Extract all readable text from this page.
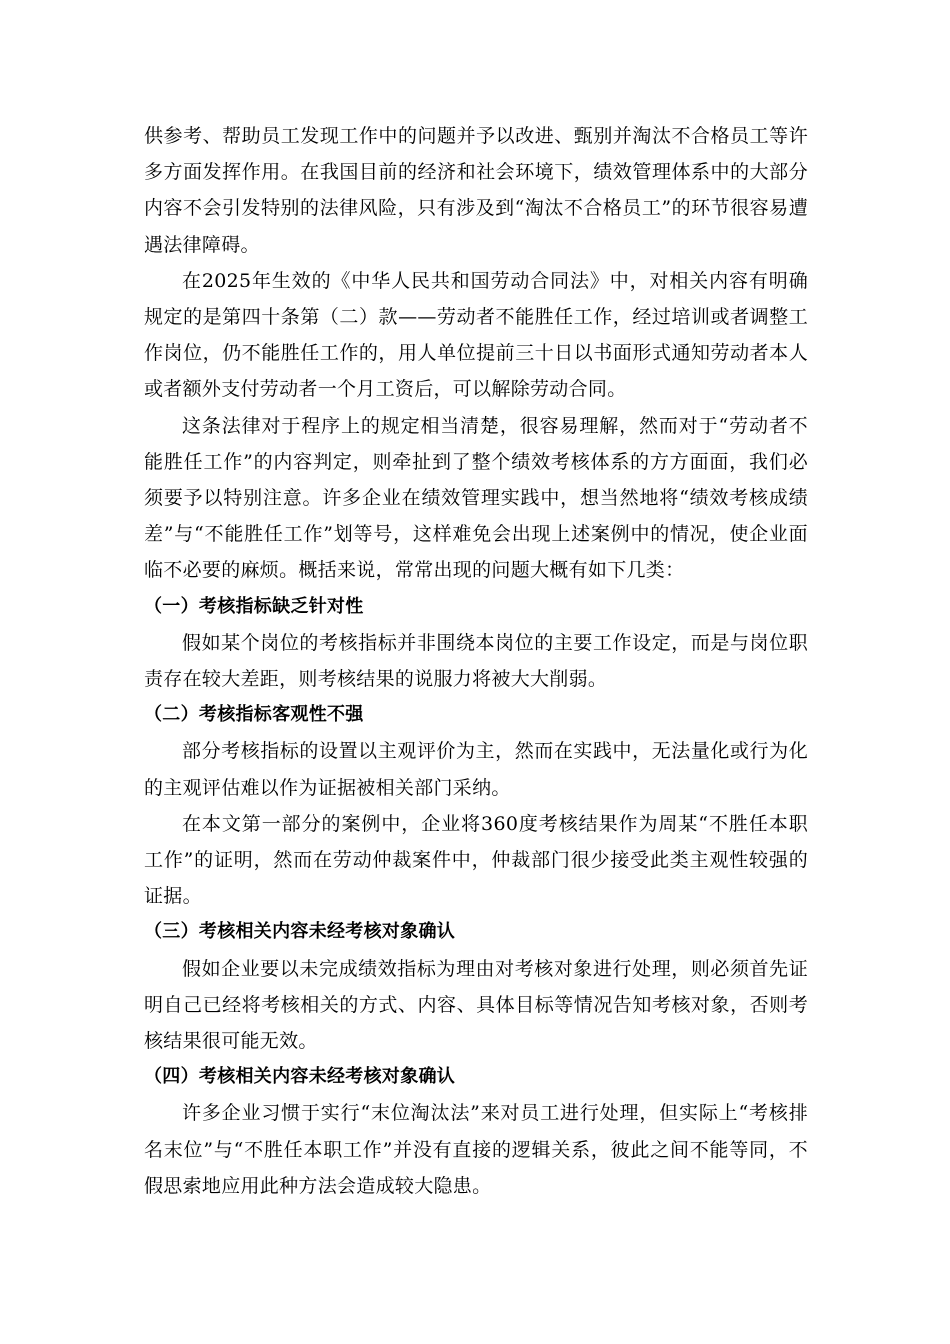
供参考、帮助员工发现工作中的问题并予以改进、甄别并淘汰不合格员工等许多方面发挥作用。在我国目前的经济和社会环境下，绩效管理体系中的大部分内容不会引发特别的法律风险，只有涉及到“淘汰不合格员工”的环节很容易遭遇法律障碍。

在2025年生效的《中华人民共和国劳动合同法》中，对相关内容有明确规定的是第四十条第（二）款——劳动者不能胜任工作，经过培训或者调整工作岗位，仍不能胜任工作的，用人单位提前三十日以书面形式通知劳动者本人或者额外支付劳动者一个月工资后，可以解除劳动合同。

这条法律对于程序上的规定相当清楚，很容易理解，然而对于“劳动者不能胜任工作”的内容判定，则牵扯到了整个绩效考核体系的方方面面，我们必须要予以特别注意。许多企业在绩效管理实践中，想当然地将“绩效考核成绩差”与“不能胜任工作”划等号，这样难免会出现上述案例中的情况，使企业面临不必要的麻烦。概括来说，常常出现的问题大概有如下几类：

（一）考核指标缺乏针对性

假如某个岗位的考核指标并非围绕本岗位的主要工作设定，而是与岗位职责存在较大差距，则考核结果的说服力将被大大削弱。

（二）考核指标客观性不强

部分考核指标的设置以主观评价为主，然而在实践中，无法量化或行为化的主观评估难以作为证据被相关部门采纳。

在本文第一部分的案例中，企业将360度考核结果作为周某“不胜任本职工作”的证明，然而在劳动仲裁案件中，仲裁部门很少接受此类主观性较强的证据。

（三）考核相关内容未经考核对象确认

假如企业要以未完成绩效指标为理由对考核对象进行处理，则必须首先证明自己已经将考核相关的方式、内容、具体目标等情况告知考核对象，否则考核结果很可能无效。

（四）考核相关内容未经考核对象确认

许多企业习惯于实行“末位淘汰法”来对员工进行处理，但实际上“考核排名末位”与“不胜任本职工作”并没有直接的逻辑关系，彼此之间不能等同，不假思索地应用此种方法会造成较大隐患。
